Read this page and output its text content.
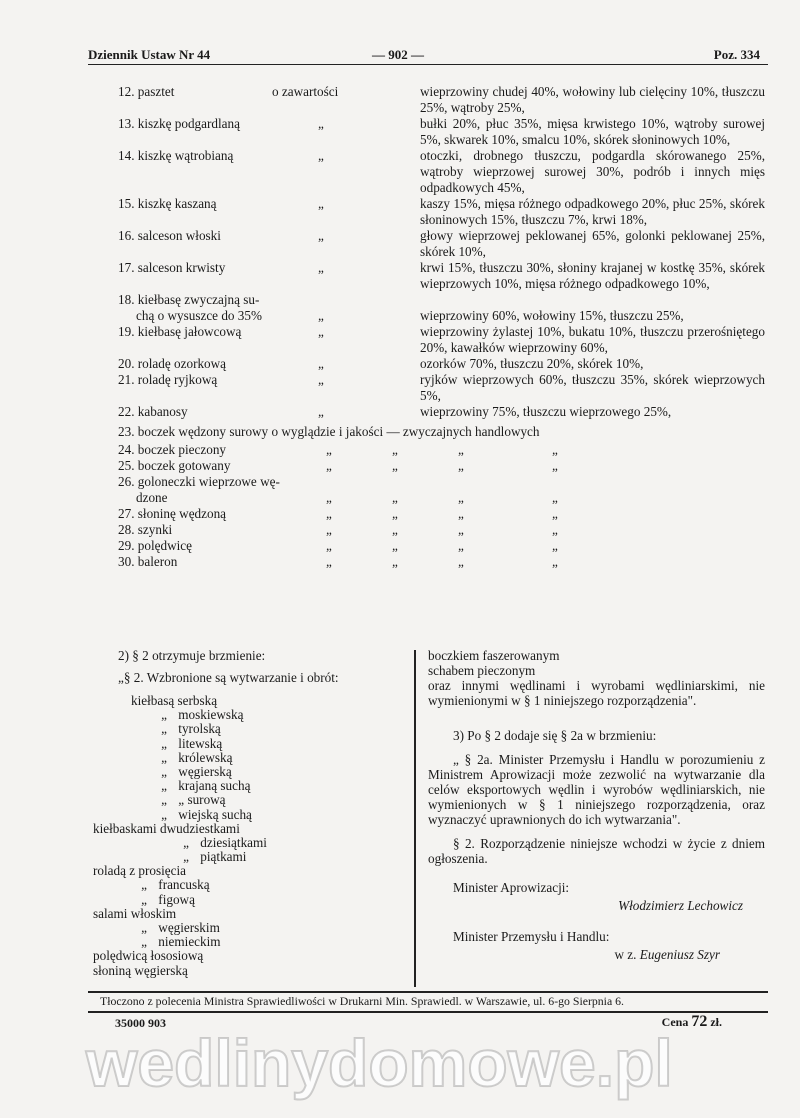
Dziennik Ustaw Nr 44	— 902 —	Poz. 334
12. pasztet	o zawartości	wieprzowiny chudej 40%, wołowiny lub cielęciny 10%, tłuszczu 25%, wątroby 25%,
13. kiszkę podgardlaną	„	bułki 20%, płuc 35%, mięsa krwistego 10%, wątroby surowej 5%, skwarek 10%, smalcu 10%, skórek słoninowych 10%,
14. kiszkę wątrobianą	„	otoczki, drobnego tłuszczu, podgardla skórowanego 25%, wątroby wieprzowej surowej 30%, podrób i innych mięs odpadkowych 45%,
15. kiszkę kaszaną	„	kaszy 15%, mięsa różnego odpadkowego 20%, płuc 25%, skórek słoninowych 15%, tłuszczu 7%, krwi 18%,
16. salceson włoski	„	głowy wieprzowej peklowanej 65%, golonki peklowanej 25%, skórek 10%,
17. salceson krwisty	„	krwi 15%, tłuszczu 30%, słoniny krajanej w kostkę 35%, skórek wieprzowych 10%, mięsa różnego odpadkowego 10%,
18. kiełbasę zwyczajną su-
chą o wysuszce do 35%	„	wieprzowiny 60%, wołowiny 15%, tłuszczu 25%,
19. kiełbasę jałowcową	„	wieprzowiny żylastej 10%, bukatu 10%, tłuszczu przerośniętego 20%, kawałków wieprzowiny 60%,
20. roladę ozorkową	„	ozorków 70%, tłuszczu 20%, skórek 10%,
21. roladę ryjkową	„	ryjków wieprzowych 60%, tłuszczu 35%, skórek wieprzowych 5%,
22. kabanosy	„	wieprzowiny 75%, tłuszczu wieprzowego 25%,
23. boczek wędzony surowy o wyglądzie i jakości — zwyczajnych handlowych
24. boczek pieczony	„	„	„	„
25. boczek gotowany	„	„	„	„
26. goloneczki wieprzowe wę-
dzone	„	„	„	„
27. słoninę wędzoną	„	„	„	„
28. szynki	„	„	„	„
29. polędwicę	„	„	„	„
30. baleron	„	„	„	„
2) § 2 otrzymuje brzmienie:
„§ 2. Wzbronione są wytwarzanie i obrót:
kiełbasą serbską
„ moskiewską
„ tyrolską
„ litewską
„ królewską
„ węgierską
„ krajaną suchą
„ „ surową
„ wiejską suchą
kiełbaskami dwudziestkami
„ dziesiątkami
„ piątkami
roladą z prosięcia
„ francuską
„ figową
salami włoskim
„ węgierskim
„ niemieckim
polędwicą łososiową
słoniną węgierską
boczkiem faszerowanym
schabem pieczonym
oraz innymi wędlinami i wyrobami wędliniarskimi, nie wymienionymi w § 1 niniejszego rozporządzenia".
3) Po § 2 dodaje się § 2a w brzmieniu:
„ § 2a. Minister Przemysłu i Handlu w porozumieniu z Ministrem Aprowizacji może zezwolić na wytwarzanie dla celów eksportowych wędlin i wyrobów wędliniarskich, nie wymienionych w § 1 niniejszego rozporządzenia, oraz wyznaczyć uprawnionych do ich wytwarzania".
§ 2. Rozporządzenie niniejsze wchodzi w życie z dniem ogłoszenia.
Minister Aprowizacji:
Włodzimierz Lechowicz
Minister Przemysłu i Handlu:
w z. Eugeniusz Szyr
Tłoczono z polecenia Ministra Sprawiedliwości w Drukarni Min. Sprawiedl. w Warszawie, ul. 6-go Sierpnia 6.
35000 903	Cena 72 zł.
wedlinydomowe.pl
